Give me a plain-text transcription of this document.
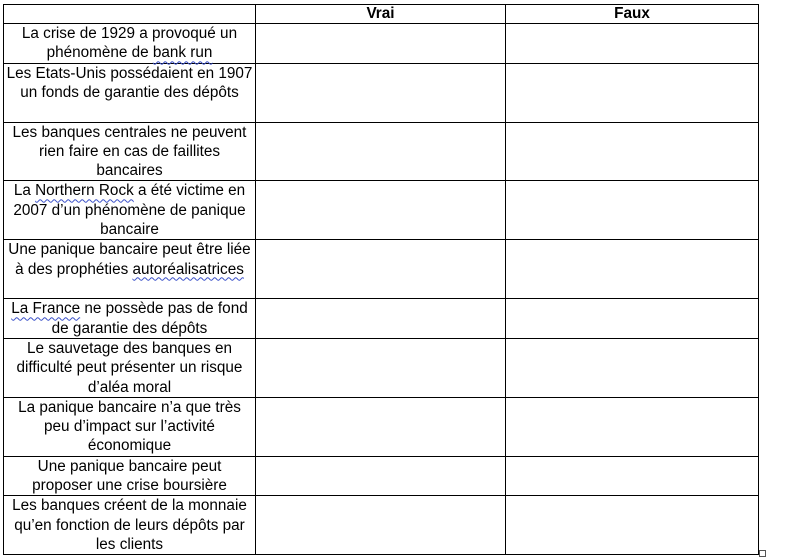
	Vrai	Faux
La crise de 1929 a provoqué un phénomène de bank run		
Les Etats-Unis possédaient en 1907 un fonds de garantie des dépôts		
Les banques centrales ne peuvent rien faire en cas de faillites bancaires		
La Northern Rock a été victime en 2007 d’un phénomène de panique bancaire		
Une panique bancaire peut être liée à des prophéties autoréalisatrices		
La France ne possède pas de fond de garantie des dépôts		
Le sauvetage des banques en difficulté peut présenter un risque d’aléa moral		
La panique bancaire n’a que très peu d’impact sur l’activité économique		
Une panique bancaire peut proposer une crise boursière		
Les banques créent de la monnaie qu’en fonction de leurs dépôts par les clients		
